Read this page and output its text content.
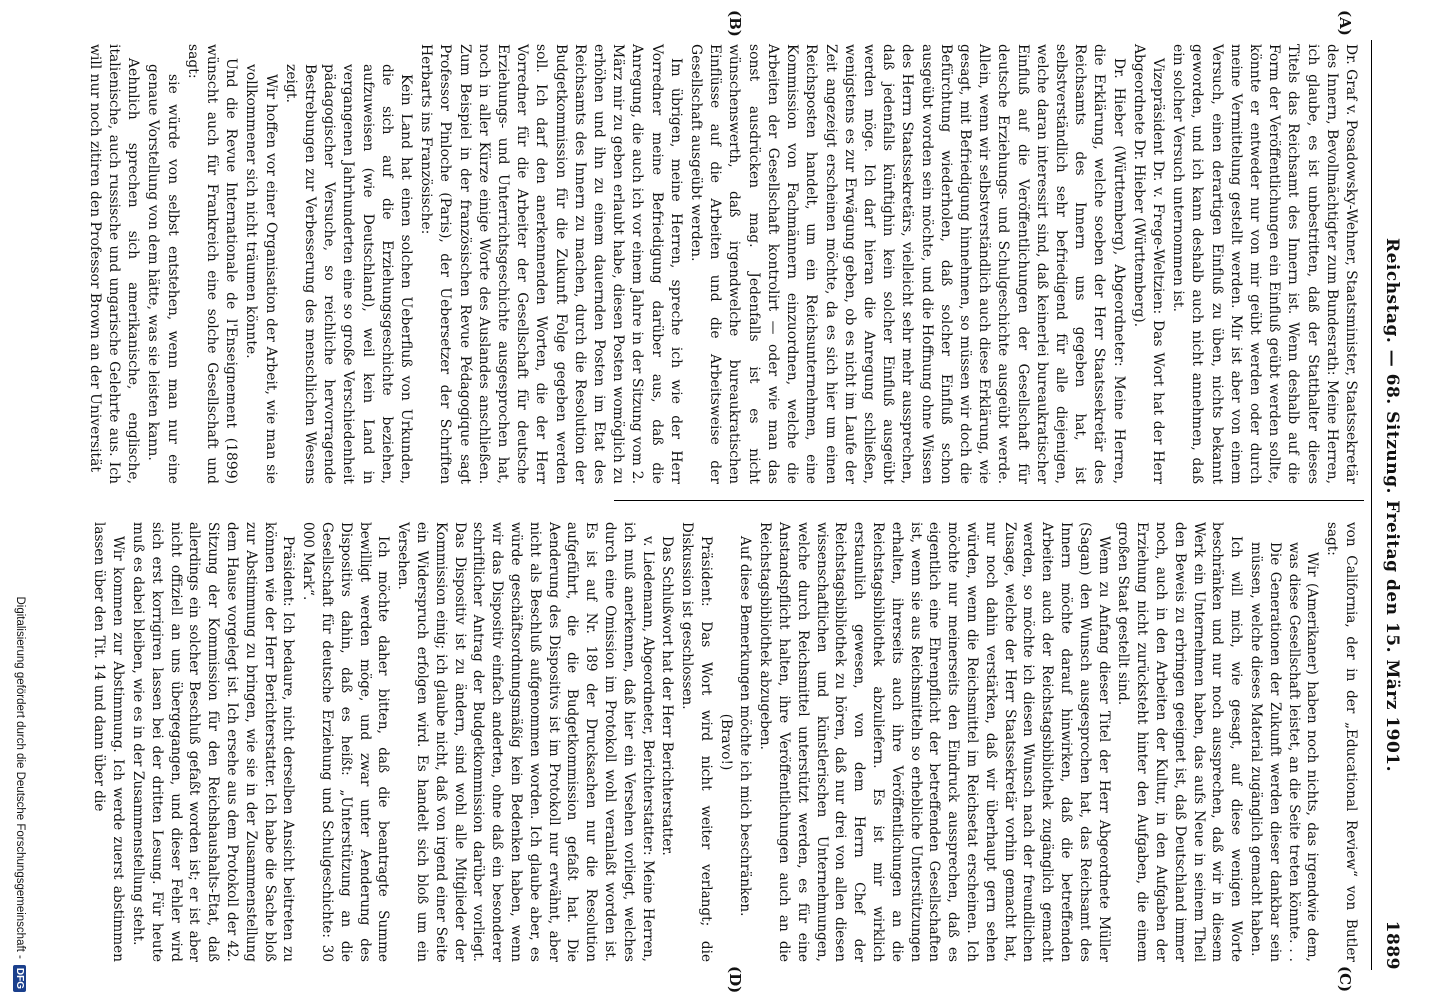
Reichstag. — 68. Sitzung. Freitag den 15. März 1901.
1889
(A)
(B)
(C)
(D)

Dr. Graf v. Posadowsky-Wehner, Staatsminister, Staatssekretär des Innern, Bevollmächtigter zum Bundesrath: Meine Herren, ich glaube, es ist unbestritten, daß der Statthalter dieses Titels das Reichsamt des Innern ist. Wenn deshalb auf die Form der Veröffentlichungen ein Einfluß geübt werden sollte, könnte er entweder nur von mir geübt werden oder durch meine Vermittelung gestellt werden. Mir ist aber von einem Versuch, einen derartigen Einfluß zu üben, nichts bekannt geworden, und ich kann deshalb auch nicht annehmen, daß ein solcher Versuch unternommen ist.

Vizepräsident Dr. v. Frege-Weltzien: Das Wort hat der Herr Abgeordnete Dr. Hieber (Württemberg).

Dr. Hieber (Württemberg), Abgeordneter: Meine Herren, die Erklärung, welche soeben der Herr Staatssekretär des Reichsamts des Innern uns gegeben hat, ist selbstverständlich sehr befriedigend für alle diejenigen, welche daran interessirt sind, daß keinerlei bureaukratischer Einfluß auf die Veröffentlichungen der Gesellschaft für deutsche Erziehungs- und Schulgeschichte ausgeübt werde. Allein, wenn wir selbstverständlich auch diese Erklärung, wie gesagt, mit Befriedigung hinnehmen, so müssen wir doch die Befürchtung wiederholen, daß solcher Einfluß schon ausgeübt worden sein möchte, und die Hoffnung ohne Wissen des Herrn Staatssekretärs, vielleicht sehr mehr aussprechen, daß jedenfalls künftighin kein solcher Einfluß ausgeübt werden möge. Ich darf hieran die Anregung schließen, wenigstens es zur Erwägung geben, ob es nicht im Laufe der Zeit angezeigt erscheinen möchte, da es sich hier um einen Reichsposten handelt, um ein Reichsunternehmen, eine Kommission von Fachmännern einzuordnen, welche die Arbeiten der Gesellschaft kontrolirt — oder wie man das sonst ausdrücken mag. Jedenfalls ist es nicht wünschenswerth, daß irgendwelche bureaukratischen Einflüsse auf die Arbeiten und die Arbeitsweise der Gesellschaft ausgeübt werden.

Im übrigen, meine Herren, spreche ich wie der Herr Vorredner meine Befriedigung darüber aus, daß die Anregung, die auch ich vor einem Jahre in der Sitzung vom 2. März mir zu geben erlaubt habe, diesen Posten womöglich zu erhöhen und ihn zu einem dauernden Posten im Etat des Reichsamts des Innern zu machen, durch die Resolution der Budgetkommission für die Zukunft Folge gegeben werden soll. Ich darf den anerkennenden Worten, die der Herr Vorredner für die Arbeiter der Gesellschaft für deutsche Erziehungs- und Unterrichtsgeschichte ausgesprochen hat, noch in aller Kürze einige Worte des Auslandes anschließen. Zum Beispiel in der französischen Revue Pédagogique sagt Professor Pinloche (Paris), der Uebersetzer der Schriften Herbarts ins Französische:

Kein Land hat einen solchen Ueberfluß von Urkunden, die sich auf die Erziehungsgeschichte beziehen, aufzuweisen (wie Deutschland), weil kein Land in vergangenen Jahrhunderten eine so große Verschiedenheit pädagogischer Versuche, so reichliche hervorragende Bestrebungen zur Verbesserung des menschlichen Wesens zeigt.

Wir hoffen vor einer Organisation der Arbeit, wie man sie vollkommener sich nicht träumen könnte.

Und die Revue Internationale de l'Enseignement (1899) wünscht auch für Frankreich eine solche Gesellschaft und sagt:

sie würde von selbst entstehen, wenn man nur eine genaue Vorstellung von dem hätte, was sie leisten kann.

Aehnlich sprechen sich amerikanische, englische, italienische, auch russische und ungarische Gelehrte aus. Ich will nur noch zitiren den Professor Brown an der Universität

von California, der in der „Educational Review“ von Butler sagt:

Wir (Amerikaner) haben noch nichts, das irgendwie dem, was diese Gesellschaft leistet, an die Seite treten könnte. . . Die Generationen der Zukunft werden dieser dankbar sein müssen, welche dieses Material zugänglich gemacht haben.

Ich will mich, wie gesagt, auf diese wenigen Worte beschränken und nur noch aussprechen, daß wir in diesem Werk ein Unternehmen haben, das aufs Neue in seinem Theil den Beweis zu erbringen geeignet ist, daß Deutschland immer noch, auch in den Arbeiten der Kultur, in den Aufgaben der Erziehung nicht zurücksteht hinter den Aufgaben, die einem großen Staat gestellt sind.

Wenn zu Anfang dieser Titel der Herr Abgeordnete Müller (Sagan) den Wunsch ausgesprochen hat, das Reichsamt des Innern möchte darauf hinwirken, daß die betreffenden Arbeiten auch der Reichstagsbibliothek zugänglich gemacht werden, so möchte ich diesen Wunsch nach der freundlichen Zusage, welche der Herr Staatssekretär vorhin gemacht hat, nur noch dahin verstärken, daß wir überhaupt gern sehen würden, wenn die Reichsmittel im Reichsetat erscheinen. Ich möchte nur meinerseits den Eindruck aussprechen, daß es eigentlich eine Ehrenpflicht der betreffenden Gesellschaften ist, wenn sie aus Reichsmitteln so erhebliche Unterstützungen erhalten, ihrerseits auch ihre Veröffentlichungen an die Reichstagsbibliothek abzuliefern. Es ist mir wirklich erstaunlich gewesen, von dem Herrn Chef der Reichstagsbibliothek zu hören, daß nur drei von allen diesen wissenschaftlichen und künstlerischen Unternehmungen, welche durch Reichsmittel unterstützt werden, es für eine Anstandspflicht halten, ihre Veröffentlichungen auch an die Reichstagsbibliothek abzugeben.

Auf diese Bemerkungen möchte ich mich beschränken.

(Bravo!)

Präsident: Das Wort wird nicht weiter verlangt; die Diskussion ist geschlossen.

Das Schlußwort hat der Herr Berichterstatter.

v. Liedemann, Abgeordneter, Berichterstatter: Meine Herren, ich muß anerkennen, daß hier ein Versehen vorliegt, welches durch eine Omission im Protokoll wohl veranlaßt worden ist. Es ist auf Nr. 189 der Drucksachen nur die Resolution aufgeführt, die die Budgetkommission gefaßt hat. Die Aenderung des Dispositivs ist im Protokoll nur erwähnt, aber nicht als Beschluß aufgenommen worden. Ich glaube aber, es würde geschäftsordnungsmäßig kein Bedenken haben, wenn wir das Dispositiv einfach anderten, ohne daß ein besonderer schriftlicher Antrag der Budgetkommission darüber vorliegt. Das Dispositiv ist zu ändern, sind wohl alle Mitglieder der Kommission einig; ich glaube nicht, daß von irgend einer Seite ein Widerspruch erfolgen wird. Es handelt sich bloß um ein Versehen.

Ich möchte daher bitten, daß die beantragte Summe bewilligt werden möge, und zwar unter Aenderung des Dispositivs dahin, daß es heißt: „Unterstützung an die Gesellschaft für deutsche Erziehung und Schulgeschichte: 30 000 Mark“.

Präsident: Ich bedaure, nicht derselben Ansicht beitreten zu können wie der Herr Berichterstatter. Ich habe die Sache bloß zur Abstimmung zu bringen, wie sie in der Zusammenstellung dem Hause vorgelegt ist. Ich ersehe aus dem Protokoll der 42. Sitzung der Kommission für den Reichshaushalts-Etat, daß allerdings ein solcher Beschluß gefaßt worden ist; er ist aber nicht offiziell an uns übergegangen, und dieser Fehler wird sich erst korrigiren lassen bei der dritten Lesung. Für heute muß es dabei bleiben, wie es in der Zusammenstellung steht.

Wir kommen zur Abstimmung. Ich werde zuerst abstimmen lassen über den Tit. 14 und dann über die

Digitalisierung gefördert durch die Deutsche Forschungsgemeinschaft -
DFG
